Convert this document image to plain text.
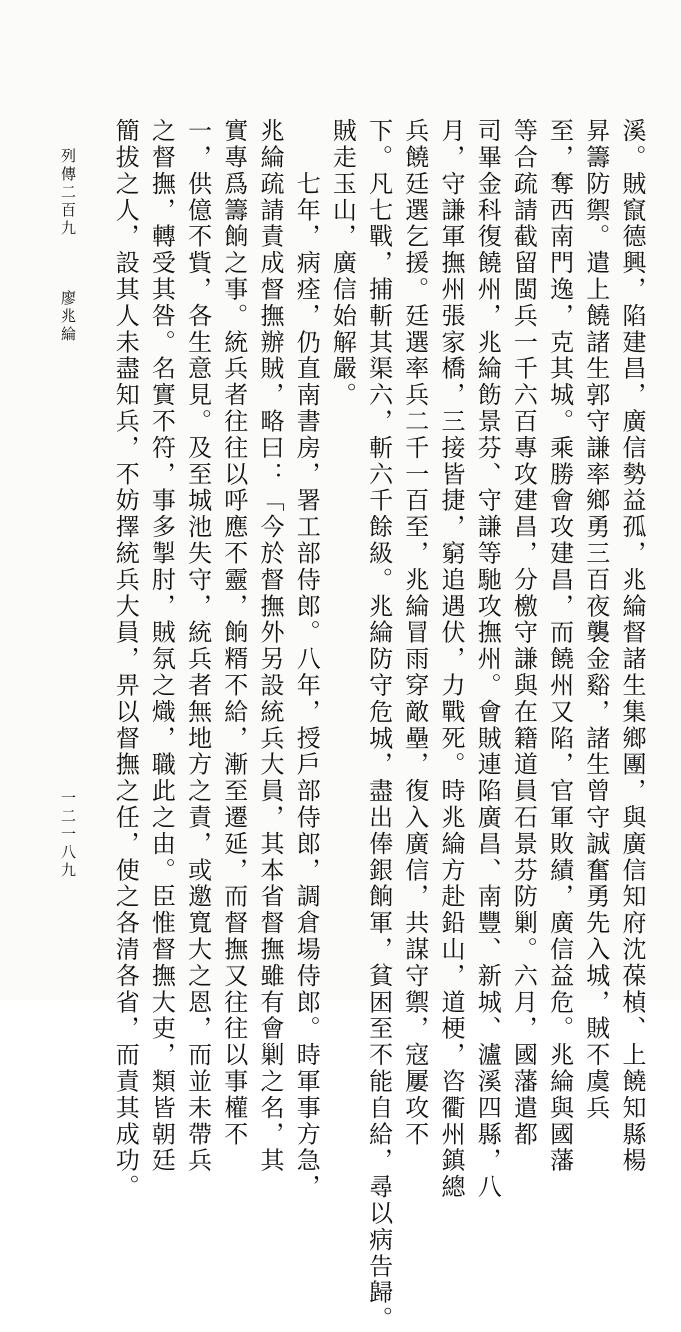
列傳二百九
廖兆綸
一二一八九	溪。賊竄德興，陷建昌，廣信勢益孤，兆綸督諸生集鄉團，與廣信知府沈葆楨、上饒知縣楊
昇籌防禦。遣上饒諸生郭守謙率鄉勇三百夜襲金谿，諸生曾守誠奮勇先入城，賊不虞兵
至，奪西南門逸，克其城。乘勝會攻建昌，而饒州又陷，官軍敗績，廣信益危。兆綸與國藩
等合疏請截留閩兵一千六百專攻建昌，分檄守謙與在籍道員石景芬防剿。六月，國藩遣都
司畢金科復饒州，兆綸飭景芬、守謙等馳攻撫州。會賊連陷廣昌、南豐、新城、瀘溪四縣，八
月，守謙軍撫州張家橋，三接皆捷，窮追遇伏，力戰死。時兆綸方赴鉛山，道梗，咨衢州鎮總
兵饒廷選乞援。廷選率兵二千一百至，兆綸冒雨穿敵壘，復入廣信，共謀守禦，寇屢攻不
下。凡七戰，捕斬其渠六，斬六千餘級。兆綸防守危城，盡出俸銀餉軍，貧困至不能自給，尋以病告歸。
賊走玉山，廣信始解嚴。
　　七年，病痊，仍直南書房，署工部侍郎。八年，授戶部侍郎，調倉場侍郎。時軍事方急，
兆綸疏請責成督撫辦賊，略曰：「今於督撫外另設統兵大員，其本省督撫雖有會剿之名，其
實專爲籌餉之事。統兵者往往以呼應不靈，餉糈不給，漸至遷延，而督撫又往往以事權不
一，供億不貲，各生意見。及至城池失守，統兵者無地方之責，或邀寬大之恩，而並未帶兵
之督撫，轉受其咎。名實不符，事多掣肘，賊氛之熾，職此之由。臣惟督撫大吏，類皆朝廷
簡拔之人，設其人未盡知兵，不妨擇統兵大員，畀以督撫之任，使之各清各省，而責其成功。
